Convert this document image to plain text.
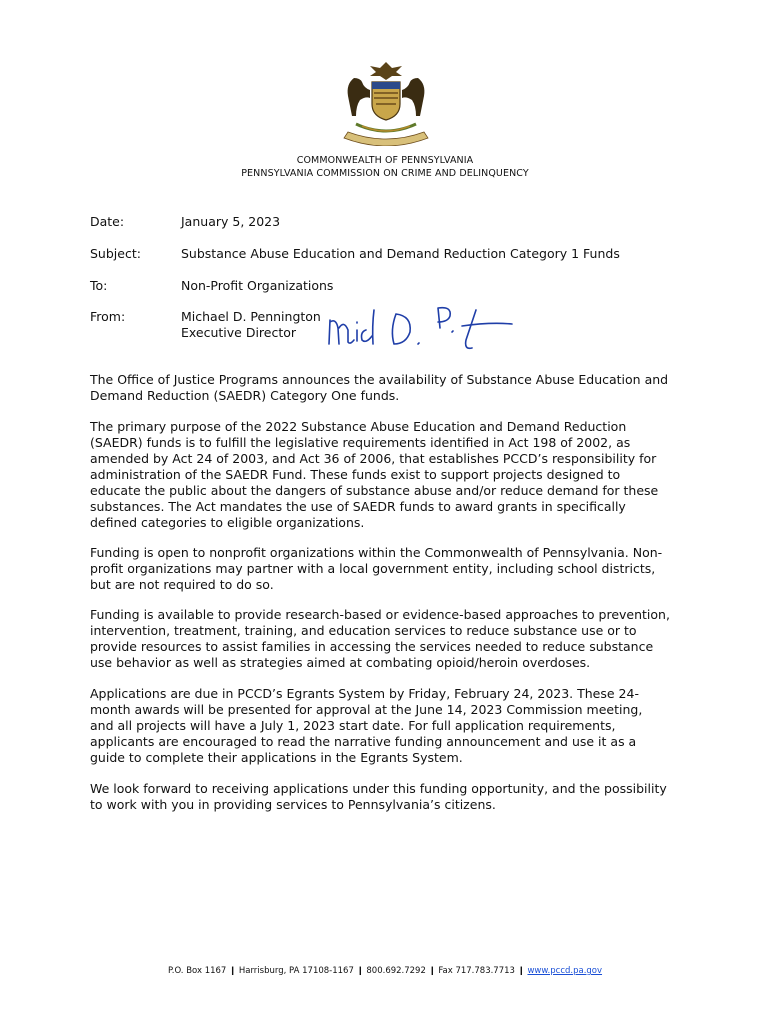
COMMONWEALTH OF PENNSYLVANIA
PENNSYLVANIA COMMISSION ON CRIME AND DELINQUENCY
Date:	January 5, 2023
Subject:	Substance Abuse Education and Demand Reduction Category 1 Funds
To:	Non-Profit Organizations
From:	Michael D. Pennington
Executive Director

The Office of Justice Programs announces the availability of Substance Abuse Education and
Demand Reduction (SAEDR) Category One funds.

The primary purpose of the 2022 Substance Abuse Education and Demand Reduction
(SAEDR) funds is to fulfill the legislative requirements identified in Act 198 of 2002, as
amended by Act 24 of 2003, and Act 36 of 2006, that establishes PCCD’s responsibility for
administration of the SAEDR Fund. These funds exist to support projects designed to
educate the public about the dangers of substance abuse and/or reduce demand for these
substances. The Act mandates the use of SAEDR funds to award grants in specifically
defined categories to eligible organizations.

Funding is open to nonprofit organizations within the Commonwealth of Pennsylvania. Non-
profit organizations may partner with a local government entity, including school districts,
but are not required to do so.

Funding is available to provide research-based or evidence-based approaches to prevention,
intervention, treatment, training, and education services to reduce substance use or to
provide resources to assist families in accessing the services needed to reduce substance
use behavior as well as strategies aimed at combating opioid/heroin overdoses.

Applications are due in PCCD’s Egrants System by Friday, February 24, 2023. These 24-
month awards will be presented for approval at the June 14, 2023 Commission meeting,
and all projects will have a July 1, 2023 start date. For full application requirements,
applicants are encouraged to read the narrative funding announcement and use it as a
guide to complete their applications in the Egrants System.

We look forward to receiving applications under this funding opportunity, and the possibility
to work with you in providing services to Pennsylvania’s citizens.

P.O. Box 1167 ❙ Harrisburg, PA 17108-1167 ❙ 800.692.7292 ❙ Fax 717.783.7713 ❙ www.pccd.pa.gov
